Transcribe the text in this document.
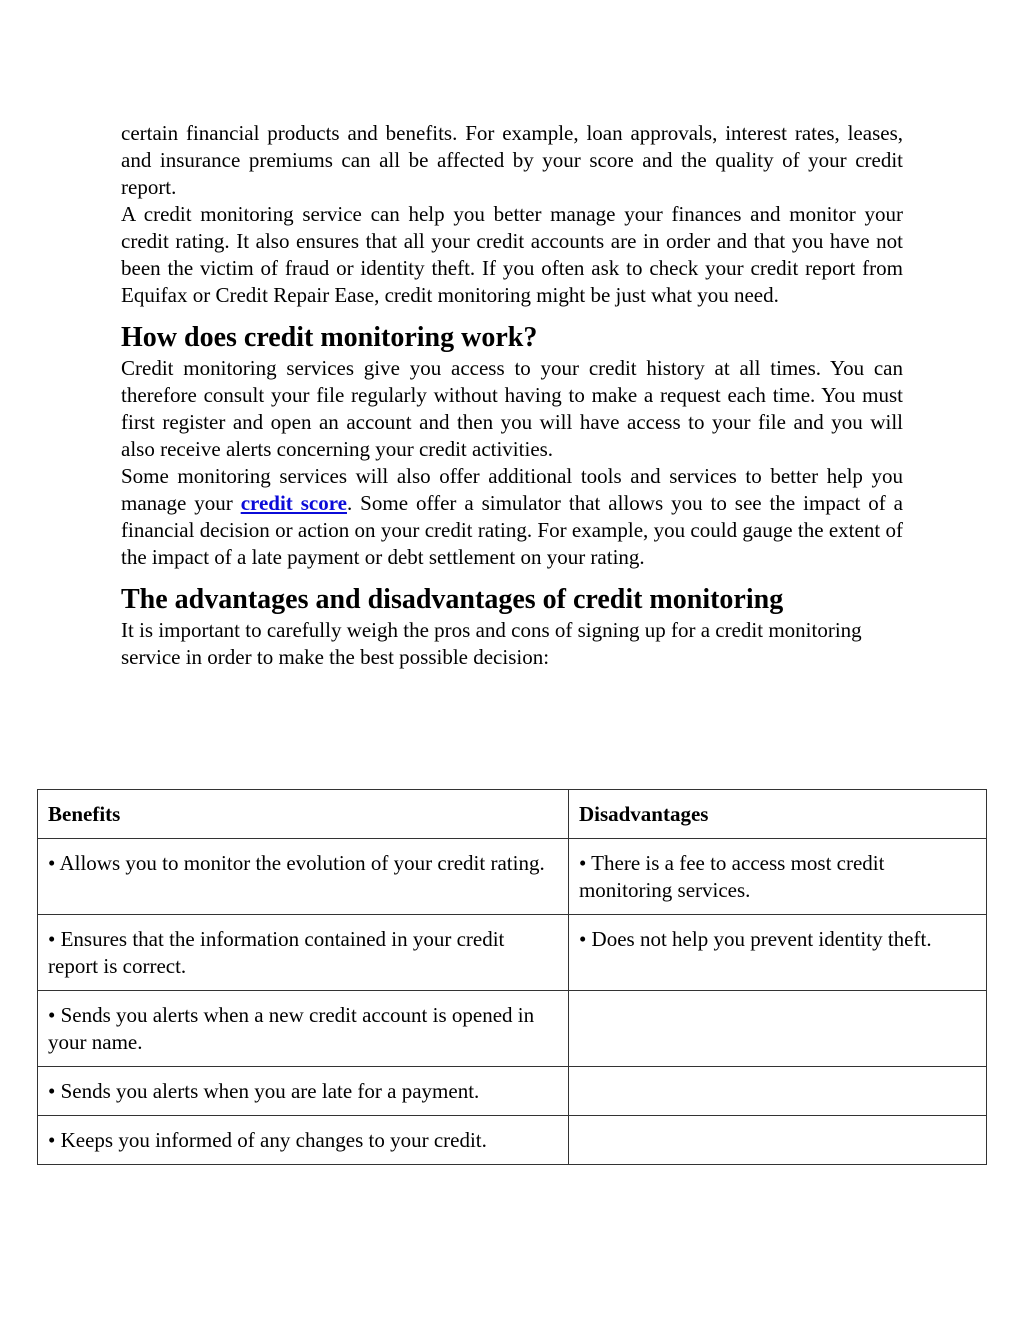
certain financial products and benefits. For example, loan approvals, interest rates, leases, and insurance premiums can all be affected by your score and the quality of your credit report.

A credit monitoring service can help you better manage your finances and monitor your credit rating. It also ensures that all your credit accounts are in order and that you have not been the victim of fraud or identity theft. If you often ask to check your credit report from Equifax or Credit Repair Ease, credit monitoring might be just what you need.

How does credit monitoring work?

Credit monitoring services give you access to your credit history at all times. You can therefore consult your file regularly without having to make a request each time. You must first register and open an account and then you will have access to your file and you will also receive alerts concerning your credit activities.

Some monitoring services will also offer additional tools and services to better help you manage your credit score. Some offer a simulator that allows you to see the impact of a financial decision or action on your credit rating. For example, you could gauge the extent of the impact of a late payment or debt settlement on your rating.

The advantages and disadvantages of credit monitoring

It is important to carefully weigh the pros and cons of signing up for a credit monitoring service in order to make the best possible decision:

Benefits	Disadvantages
• Allows you to monitor the evolution of your credit rating.	• There is a fee to access most credit monitoring services.
• Ensures that the information contained in your credit report is correct.	• Does not help you prevent identity theft.
• Sends you alerts when a new credit account is opened in your name.	
• Sends you alerts when you are late for a payment.	
• Keeps you informed of any changes to your credit.	
